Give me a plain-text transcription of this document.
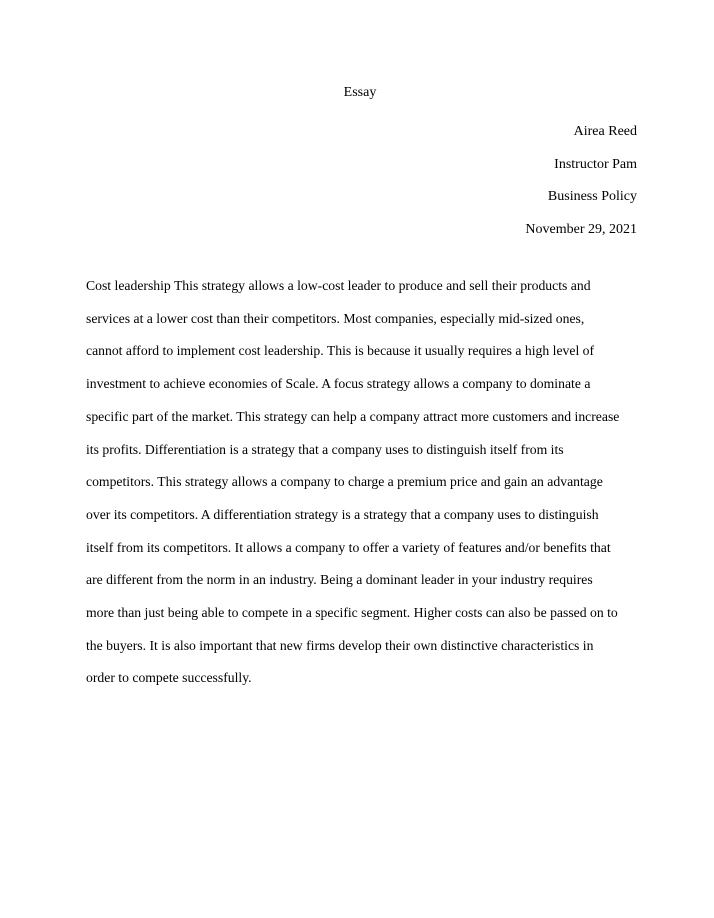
Essay
Airea Reed
Instructor Pam
Business Policy
November 29, 2021

Cost leadership This strategy allows a low-cost leader to produce and sell their products and
services at a lower cost than their competitors. Most companies, especially mid-sized ones,
cannot afford to implement cost leadership. This is because it usually requires a high level of
investment to achieve economies of Scale. A focus strategy allows a company to dominate a
specific part of the market. This strategy can help a company attract more customers and increase
its profits. Differentiation is a strategy that a company uses to distinguish itself from its
competitors. This strategy allows a company to charge a premium price and gain an advantage
over its competitors. A differentiation strategy is a strategy that a company uses to distinguish
itself from its competitors. It allows a company to offer a variety of features and/or benefits that
are different from the norm in an industry. Being a dominant leader in your industry requires
more than just being able to compete in a specific segment. Higher costs can also be passed on to
the buyers. It is also important that new firms develop their own distinctive characteristics in
order to compete successfully.
